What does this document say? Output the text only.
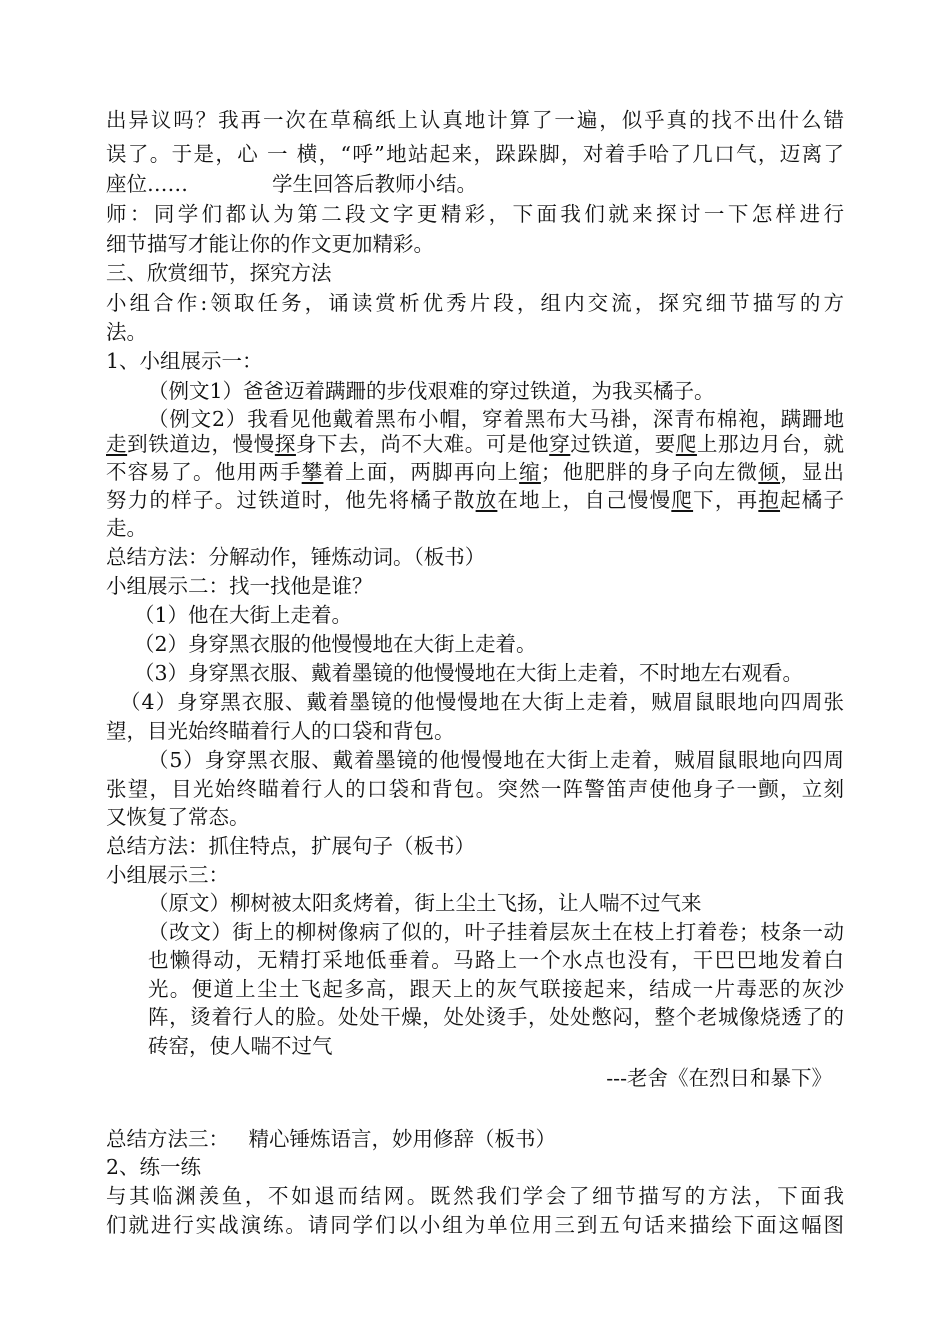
出异议吗？我再一次在草稿纸上认真地计算了一遍，似乎真的找不出什么错
误了。于是，心 一 横，“呼”地站起来，跺跺脚，对着手哈了几口气，迈离了
座位……	学生回答后教师小结。
师：同学们都认为第二段文字更精彩，下面我们就来探讨一下怎样进行
细节描写才能让你的作文更加精彩。
三、欣赏细节，探究方法
小组合作:领取任务，诵读赏析优秀片段，组内交流，探究细节描写的方
法。
1、小组展示一：
（例文1）爸爸迈着蹒跚的步伐艰难的穿过铁道，为我买橘子。
（例文2）我看见他戴着黑布小帽，穿着黑布大马褂，深青布棉袍，蹒跚地
走到铁道边，慢慢探身下去，尚不大难。可是他穿过铁道，要爬上那边月台，就
不容易了。他用两手攀着上面，两脚再向上缩；他肥胖的身子向左微倾，显出
努力的样子。过铁道时，他先将橘子散放在地上，自己慢慢爬下，再抱起橘子
走。
总结方法：分解动作，锤炼动词。（板书）
小组展示二：找一找他是谁？
（1）他在大街上走着。
（2）身穿黑衣服的他慢慢地在大街上走着。
（3）身穿黑衣服、戴着墨镜的他慢慢地在大街上走着，不时地左右观看。
（4）身穿黑衣服、戴着墨镜的他慢慢地在大街上走着，贼眉鼠眼地向四周张
望，目光始终瞄着行人的口袋和背包。
（5）身穿黑衣服、戴着墨镜的他慢慢地在大街上走着，贼眉鼠眼地向四周
张望，目光始终瞄着行人的口袋和背包。突然一阵警笛声使他身子一颤，立刻
又恢复了常态。
总结方法：抓住特点，扩展句子（板书）
小组展示三：
（原文）柳树被太阳炙烤着，街上尘土飞扬，让人喘不过气来
（改文）街上的柳树像病了似的，叶子挂着层灰土在枝上打着卷；枝条一动
也懒得动，无精打采地低垂着。马路上一个水点也没有，干巴巴地发着白
光。便道上尘土飞起多高，跟天上的灰气联接起来，结成一片毒恶的灰沙
阵，烫着行人的脸。处处干燥，处处烫手，处处憋闷，整个老城像烧透了的
砖窑，使人喘不过气
---老舍《在烈日和暴下》
总结方法三：   精心锤炼语言，妙用修辞（板书）
2、练一练
与其临渊羡鱼，不如退而结网。既然我们学会了细节描写的方法，下面我
们就进行实战演练。请同学们以小组为单位用三到五句话来描绘下面这幅图
